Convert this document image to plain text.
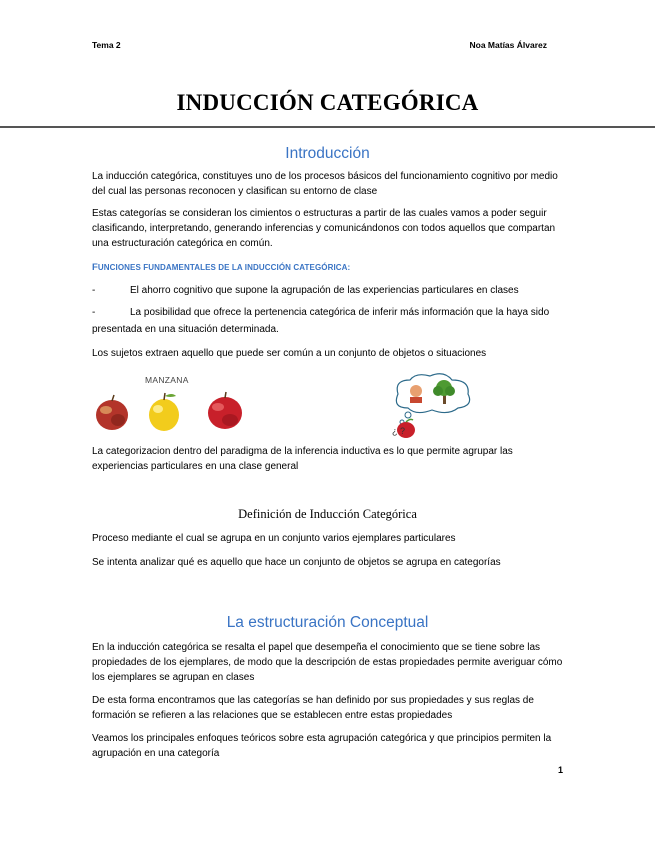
Tema 2	Noa Matías Álvarez
INDUCCIÓN CATEGÓRICA
Introducción
La inducción categórica, constituyes uno de los procesos básicos del funcionamiento cognitivo por medio del cual las personas reconocen y clasifican su entorno de clase
Estas categorías se consideran los cimientos o estructuras a partir de las cuales vamos a poder seguir clasificando, interpretando, generando inferencias y comunicándonos con todos aquellos que compartan una estructuración categórica en común.
FUNCIONES FUNDAMENTALES DE LA INDUCCIÓN CATEGÓRICA:
-	El ahorro cognitivo que supone la agrupación de las experiencias particulares en clases
-	La posibilidad que ofrece la pertenencia categórica de inferir más información que la haya sido
presentada en una situación determinada.
Los sujetos extraen aquello que puede ser común a un conjunto de objetos o situaciones
MANZANA
¿ ?
La categorizacion dentro del paradigma de la inferencia inductiva es lo que permite agrupar las experiencias particulares en una clase general
Definición de Inducción Categórica
Proceso mediante el cual se agrupa en un conjunto varios ejemplares particulares
Se intenta analizar qué es aquello que hace un conjunto de objetos se agrupa en categorías
La estructuración Conceptual
En la inducción categórica se resalta el papel que desempeña el conocimiento que se tiene sobre las propiedades de los ejemplares, de modo que la descripción de estas propiedades permite averiguar cómo los ejemplares se agrupan en clases
De esta forma encontramos que las categorías se han definido por sus propiedades y sus reglas de formación se refieren a las relaciones que se establecen entre estas propiedades
Veamos los principales enfoques teóricos sobre esta agrupación categórica y que principios permiten la agrupación en una categoría
1
